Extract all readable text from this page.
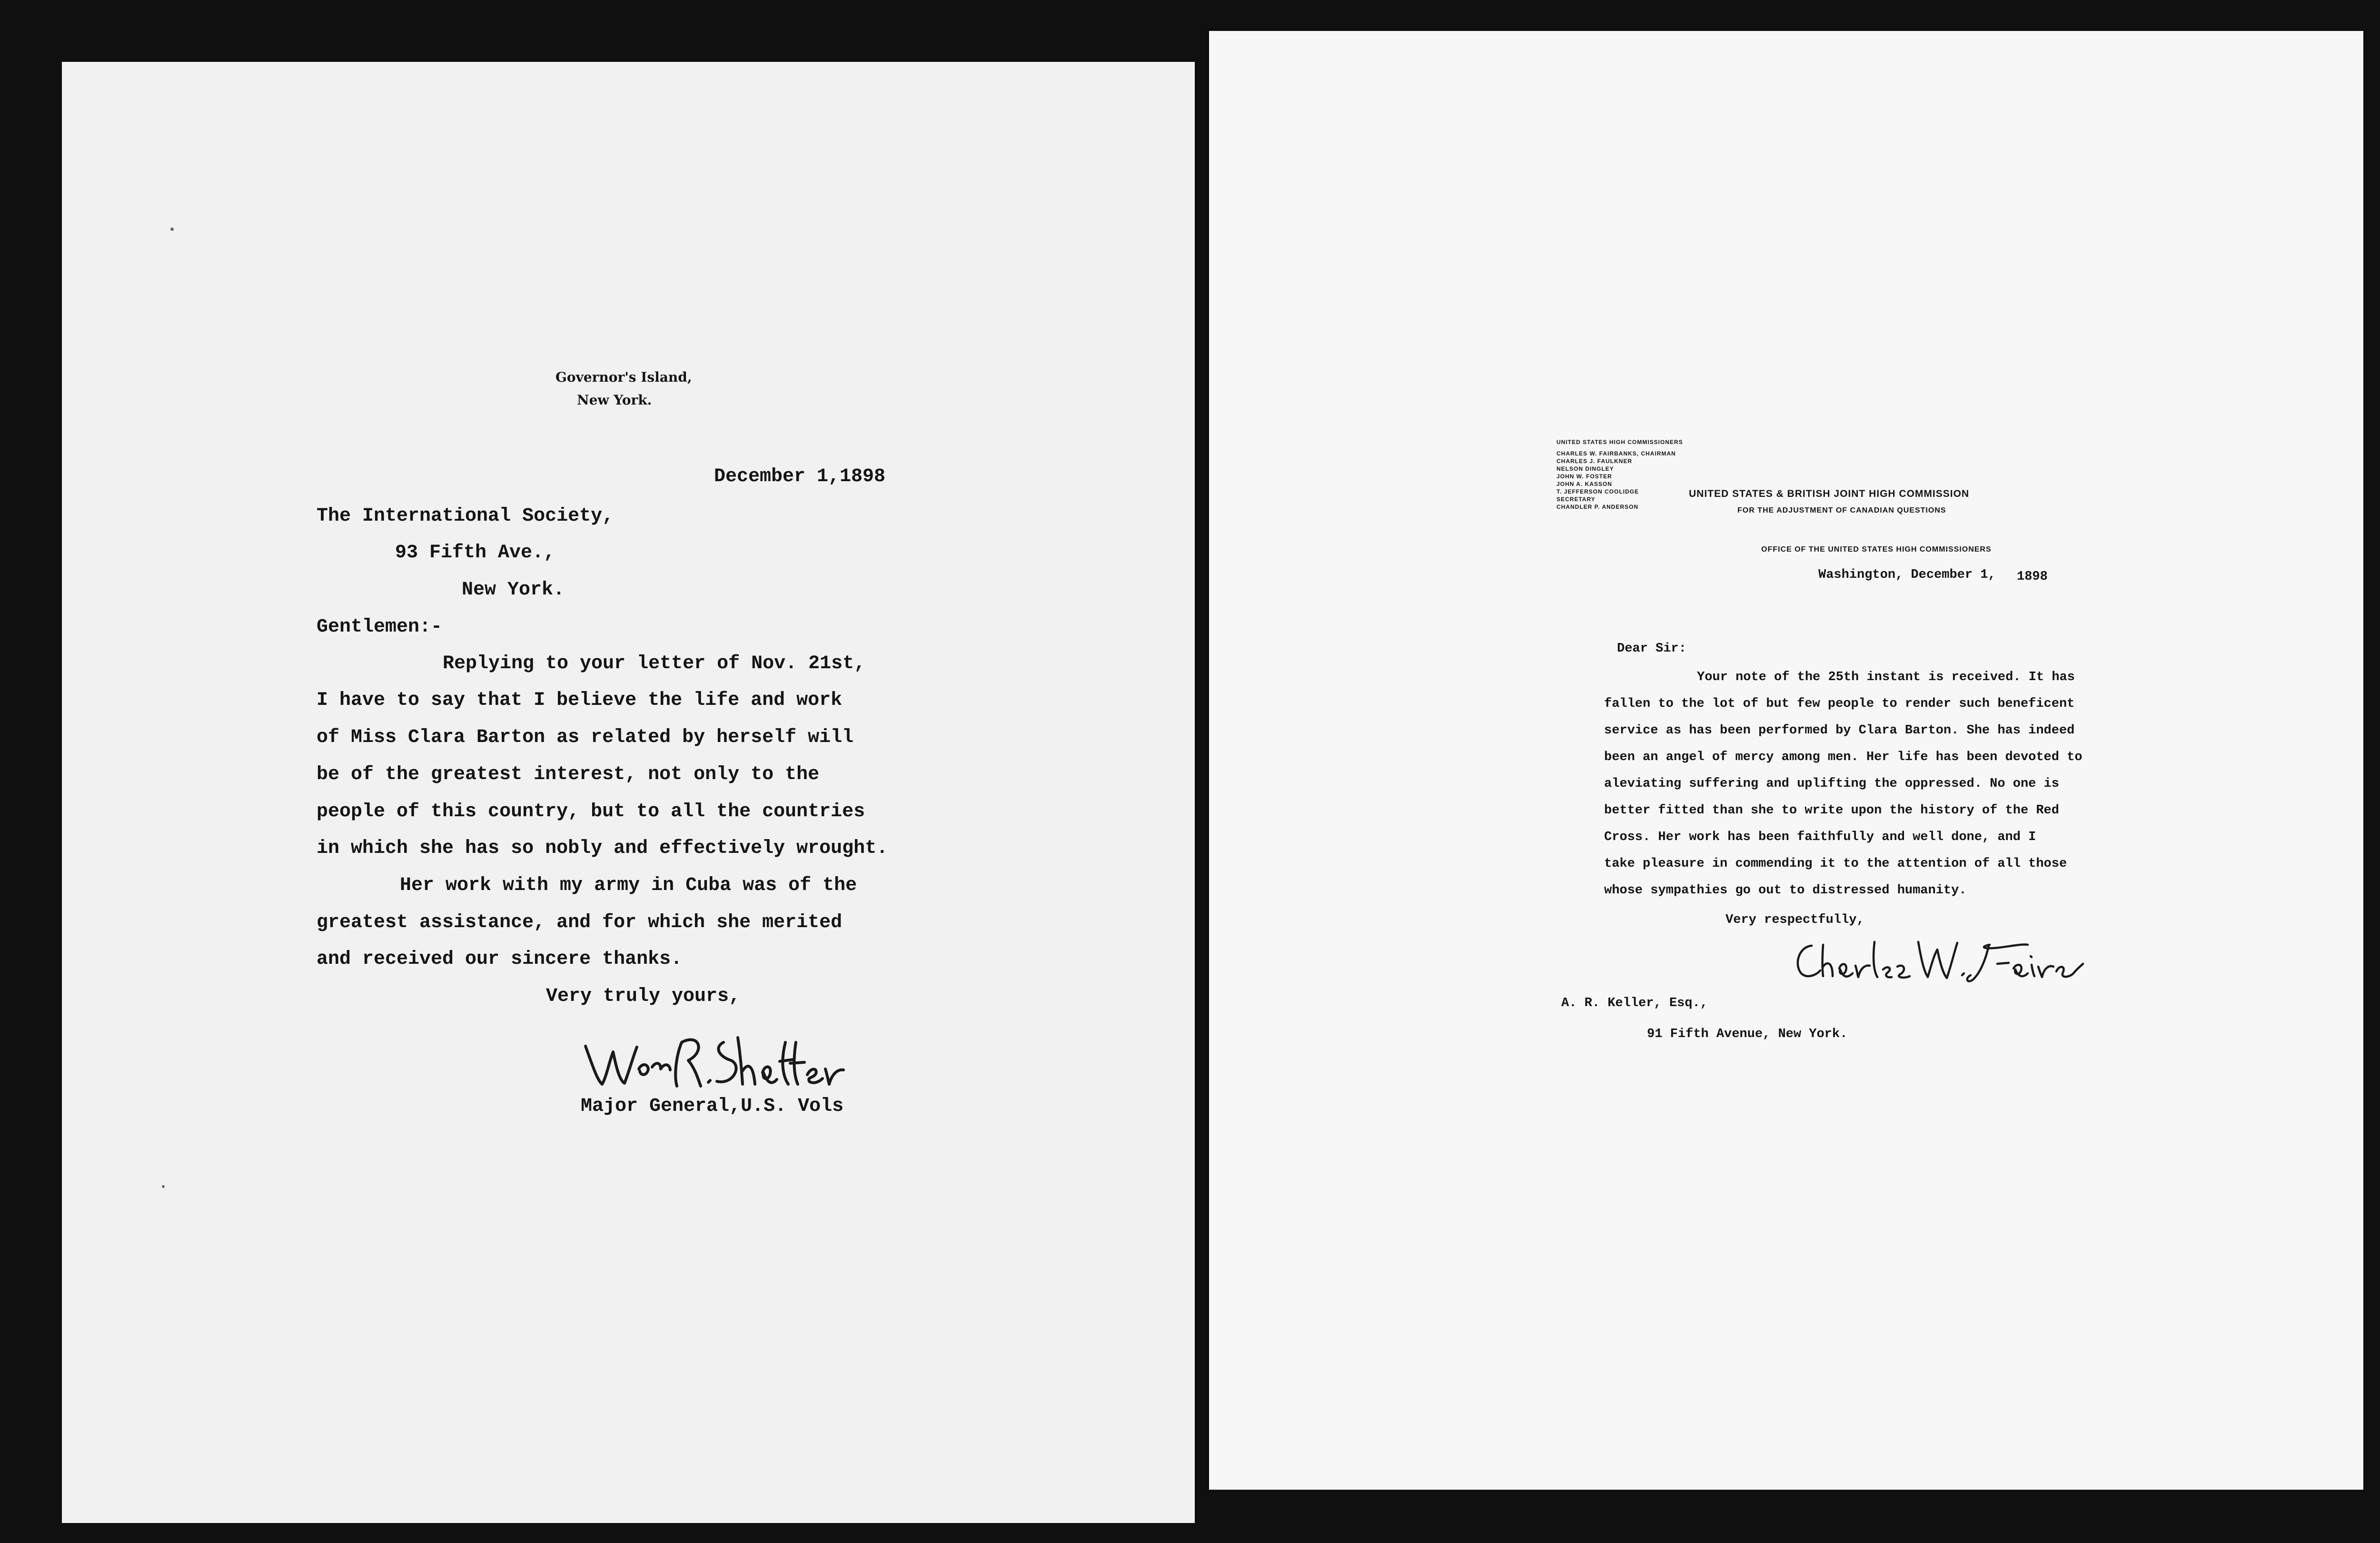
Governor's Island,
New York.
December 1,1898
The International Society,
93 Fifth Ave.,
New York.
Gentlemen:-
Replying to your letter of Nov. 21st,
I have to say that I believe the life and work
of Miss Clara Barton as related by herself will
be of the greatest interest, not only to the
people of this country, but to all the countries
in which she has so nobly and effectively wrought.
Her work with my army in Cuba was of the
greatest assistance, and for which she merited
and received our sincere thanks.
Very truly yours,
Major General,U.S. Vols
UNITED STATES HIGH COMMISSIONERS
CHARLES W. FAIRBANKS, CHAIRMAN
CHARLES J. FAULKNER
NELSON DINGLEY
JOHN W. FOSTER
JOHN A. KASSON
T. JEFFERSON COOLIDGE
SECRETARY
CHANDLER P. ANDERSON
UNITED STATES & BRITISH JOINT HIGH COMMISSION
FOR THE ADJUSTMENT OF CANADIAN QUESTIONS
OFFICE OF THE UNITED STATES HIGH COMMISSIONERS
Washington, December 1, 1898
Dear Sir:
Your note of the 25th instant is received. It has
fallen to the lot of but few people to render such beneficent
service as has been performed by Clara Barton. She has indeed
been an angel of mercy among men. Her life has been devoted to
aleviating suffering and uplifting the oppressed. No one is
better fitted than she to write upon the history of the Red
Cross. Her work has been faithfully and well done, and I
take pleasure in commending it to the attention of all those
whose sympathies go out to distressed humanity.
Very respectfully,
A. R. Keller, Esq.,
91 Fifth Avenue, New York.
